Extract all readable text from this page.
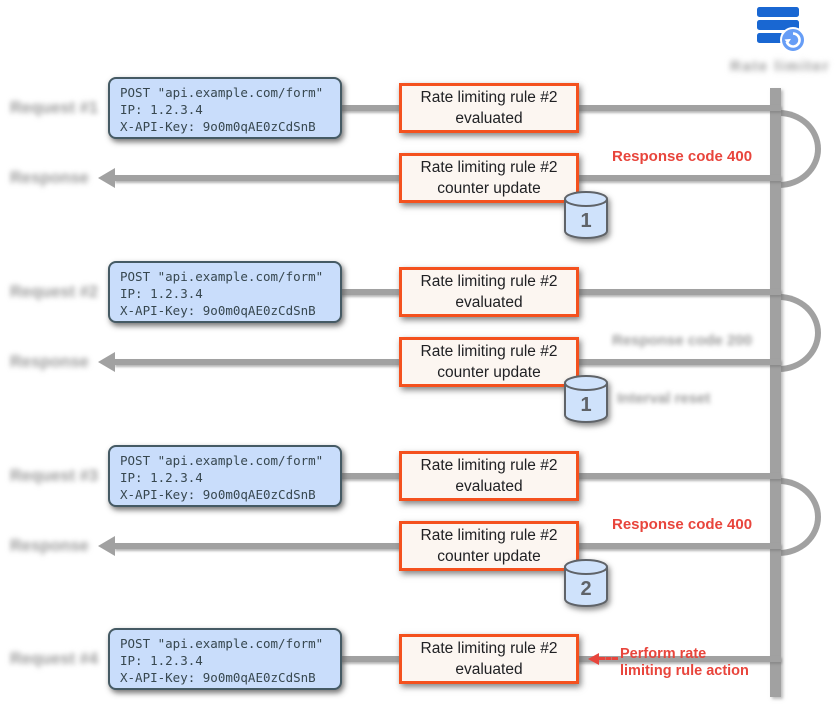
Rate limiter
Request #1
POST "api.example.com/form"
IP: 1.2.3.4
X-API-Key: 9o0m0qAE0zCdSnB
Rate limiting rule #2
evaluated
Response
Rate limiting rule #2
counter update
1
Response code 400
Request #2
POST "api.example.com/form"
IP: 1.2.3.4
X-API-Key: 9o0m0qAE0zCdSnB
Rate limiting rule #2
evaluated
Response
Rate limiting rule #2
counter update
1
Response code 200
Interval reset
Request #3
POST "api.example.com/form"
IP: 1.2.3.4
X-API-Key: 9o0m0qAE0zCdSnB
Rate limiting rule #2
evaluated
Response
Rate limiting rule #2
counter update
2
Response code 400
Request #4
POST "api.example.com/form"
IP: 1.2.3.4
X-API-Key: 9o0m0qAE0zCdSnB
Rate limiting rule #2
evaluated
Perform rate
limiting rule action
